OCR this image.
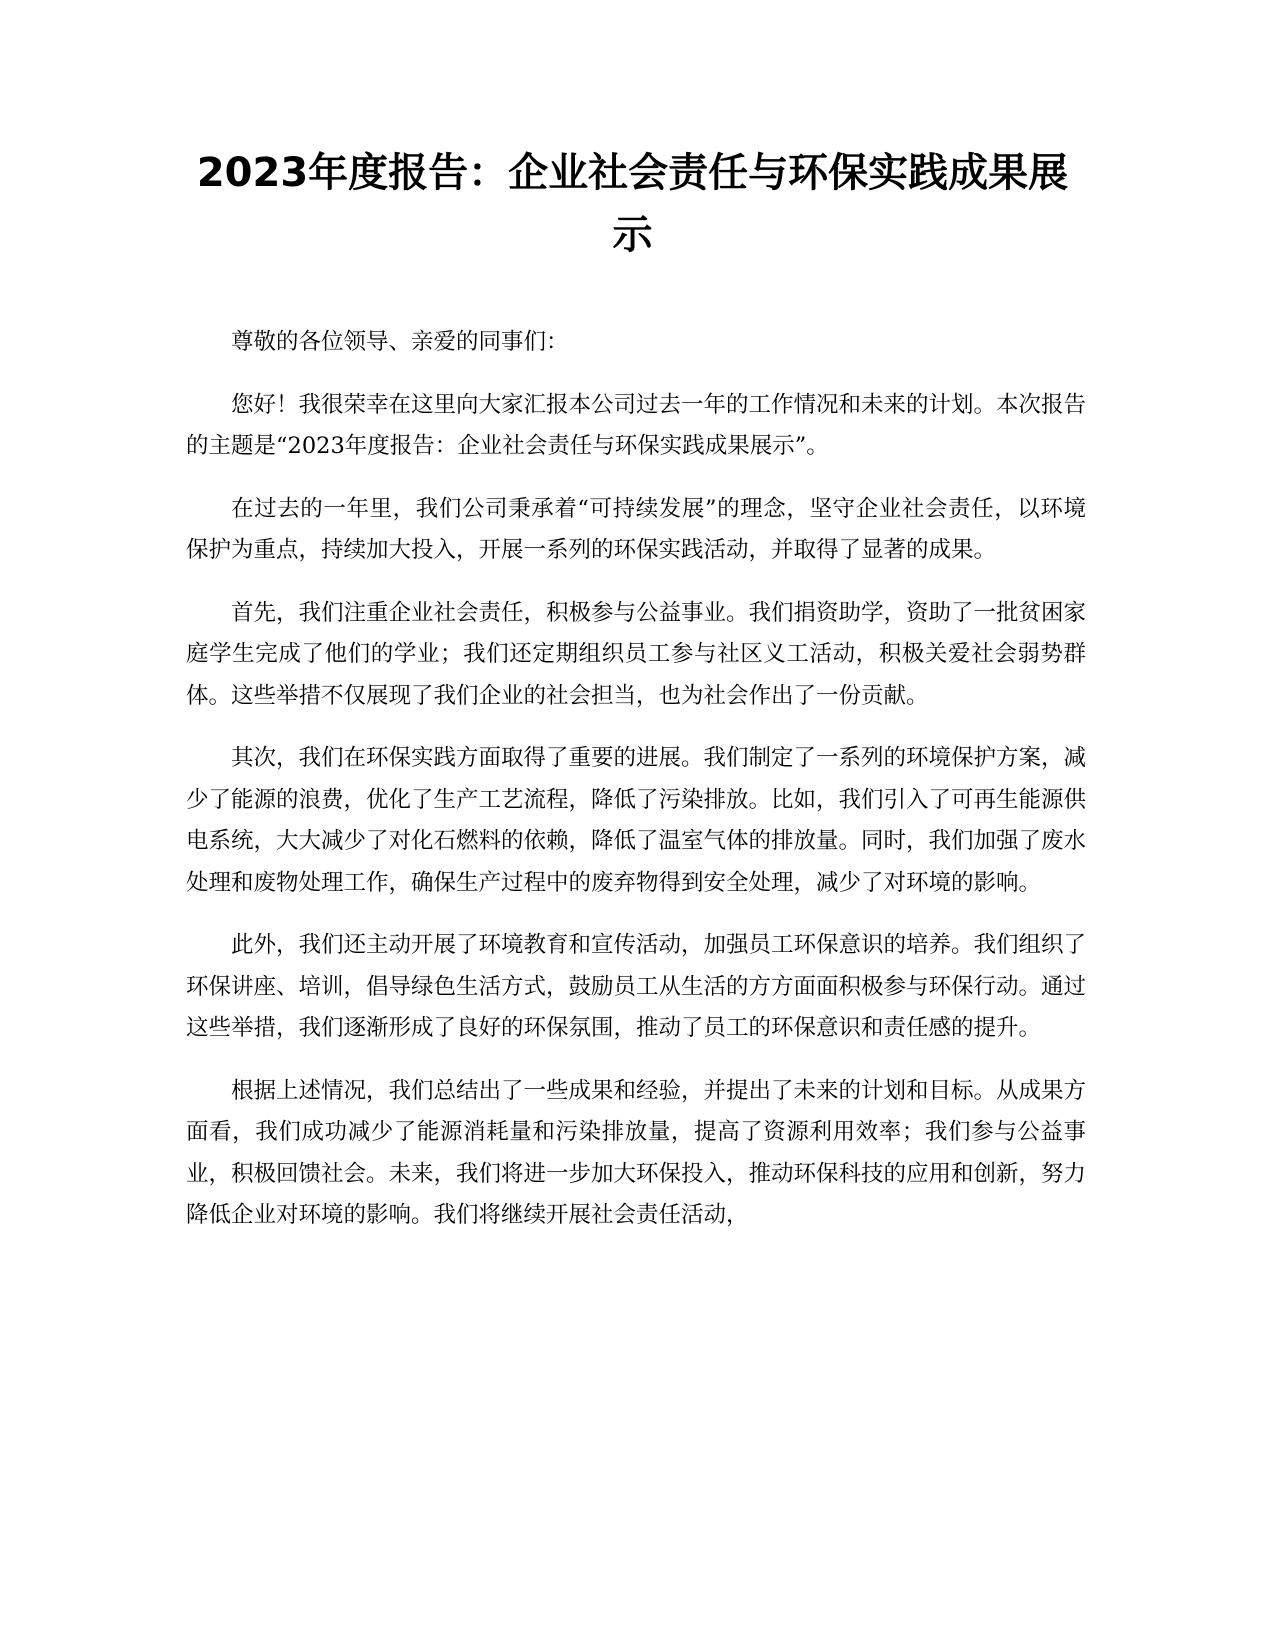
2023年度报告：企业社会责任与环保实践成果展示

尊敬的各位领导、亲爱的同事们：

您好！我很荣幸在这里向大家汇报本公司过去一年的工作情况和未来的计划。本次报告的主题是“2023年度报告：企业社会责任与环保实践成果展示”。

在过去的一年里，我们公司秉承着“可持续发展”的理念，坚守企业社会责任，以环境保护为重点，持续加大投入，开展一系列的环保实践活动，并取得了显著的成果。

首先，我们注重企业社会责任，积极参与公益事业。我们捐资助学，资助了一批贫困家庭学生完成了他们的学业；我们还定期组织员工参与社区义工活动，积极关爱社会弱势群体。这些举措不仅展现了我们企业的社会担当，也为社会作出了一份贡献。

其次，我们在环保实践方面取得了重要的进展。我们制定了一系列的环境保护方案，减少了能源的浪费，优化了生产工艺流程，降低了污染排放。比如，我们引入了可再生能源供电系统，大大减少了对化石燃料的依赖，降低了温室气体的排放量。同时，我们加强了废水处理和废物处理工作，确保生产过程中的废弃物得到安全处理，减少了对环境的影响。

此外，我们还主动开展了环境教育和宣传活动，加强员工环保意识的培养。我们组织了环保讲座、培训，倡导绿色生活方式，鼓励员工从生活的方方面面积极参与环保行动。通过这些举措，我们逐渐形成了良好的环保氛围，推动了员工的环保意识和责任感的提升。

根据上述情况，我们总结出了一些成果和经验，并提出了未来的计划和目标。从成果方面看，我们成功减少了能源消耗量和污染排放量，提高了资源利用效率；我们参与公益事业，积极回馈社会。未来，我们将进一步加大环保投入，推动环保科技的应用和创新，努力降低企业对环境的影响。我们将继续开展社会责任活动，
